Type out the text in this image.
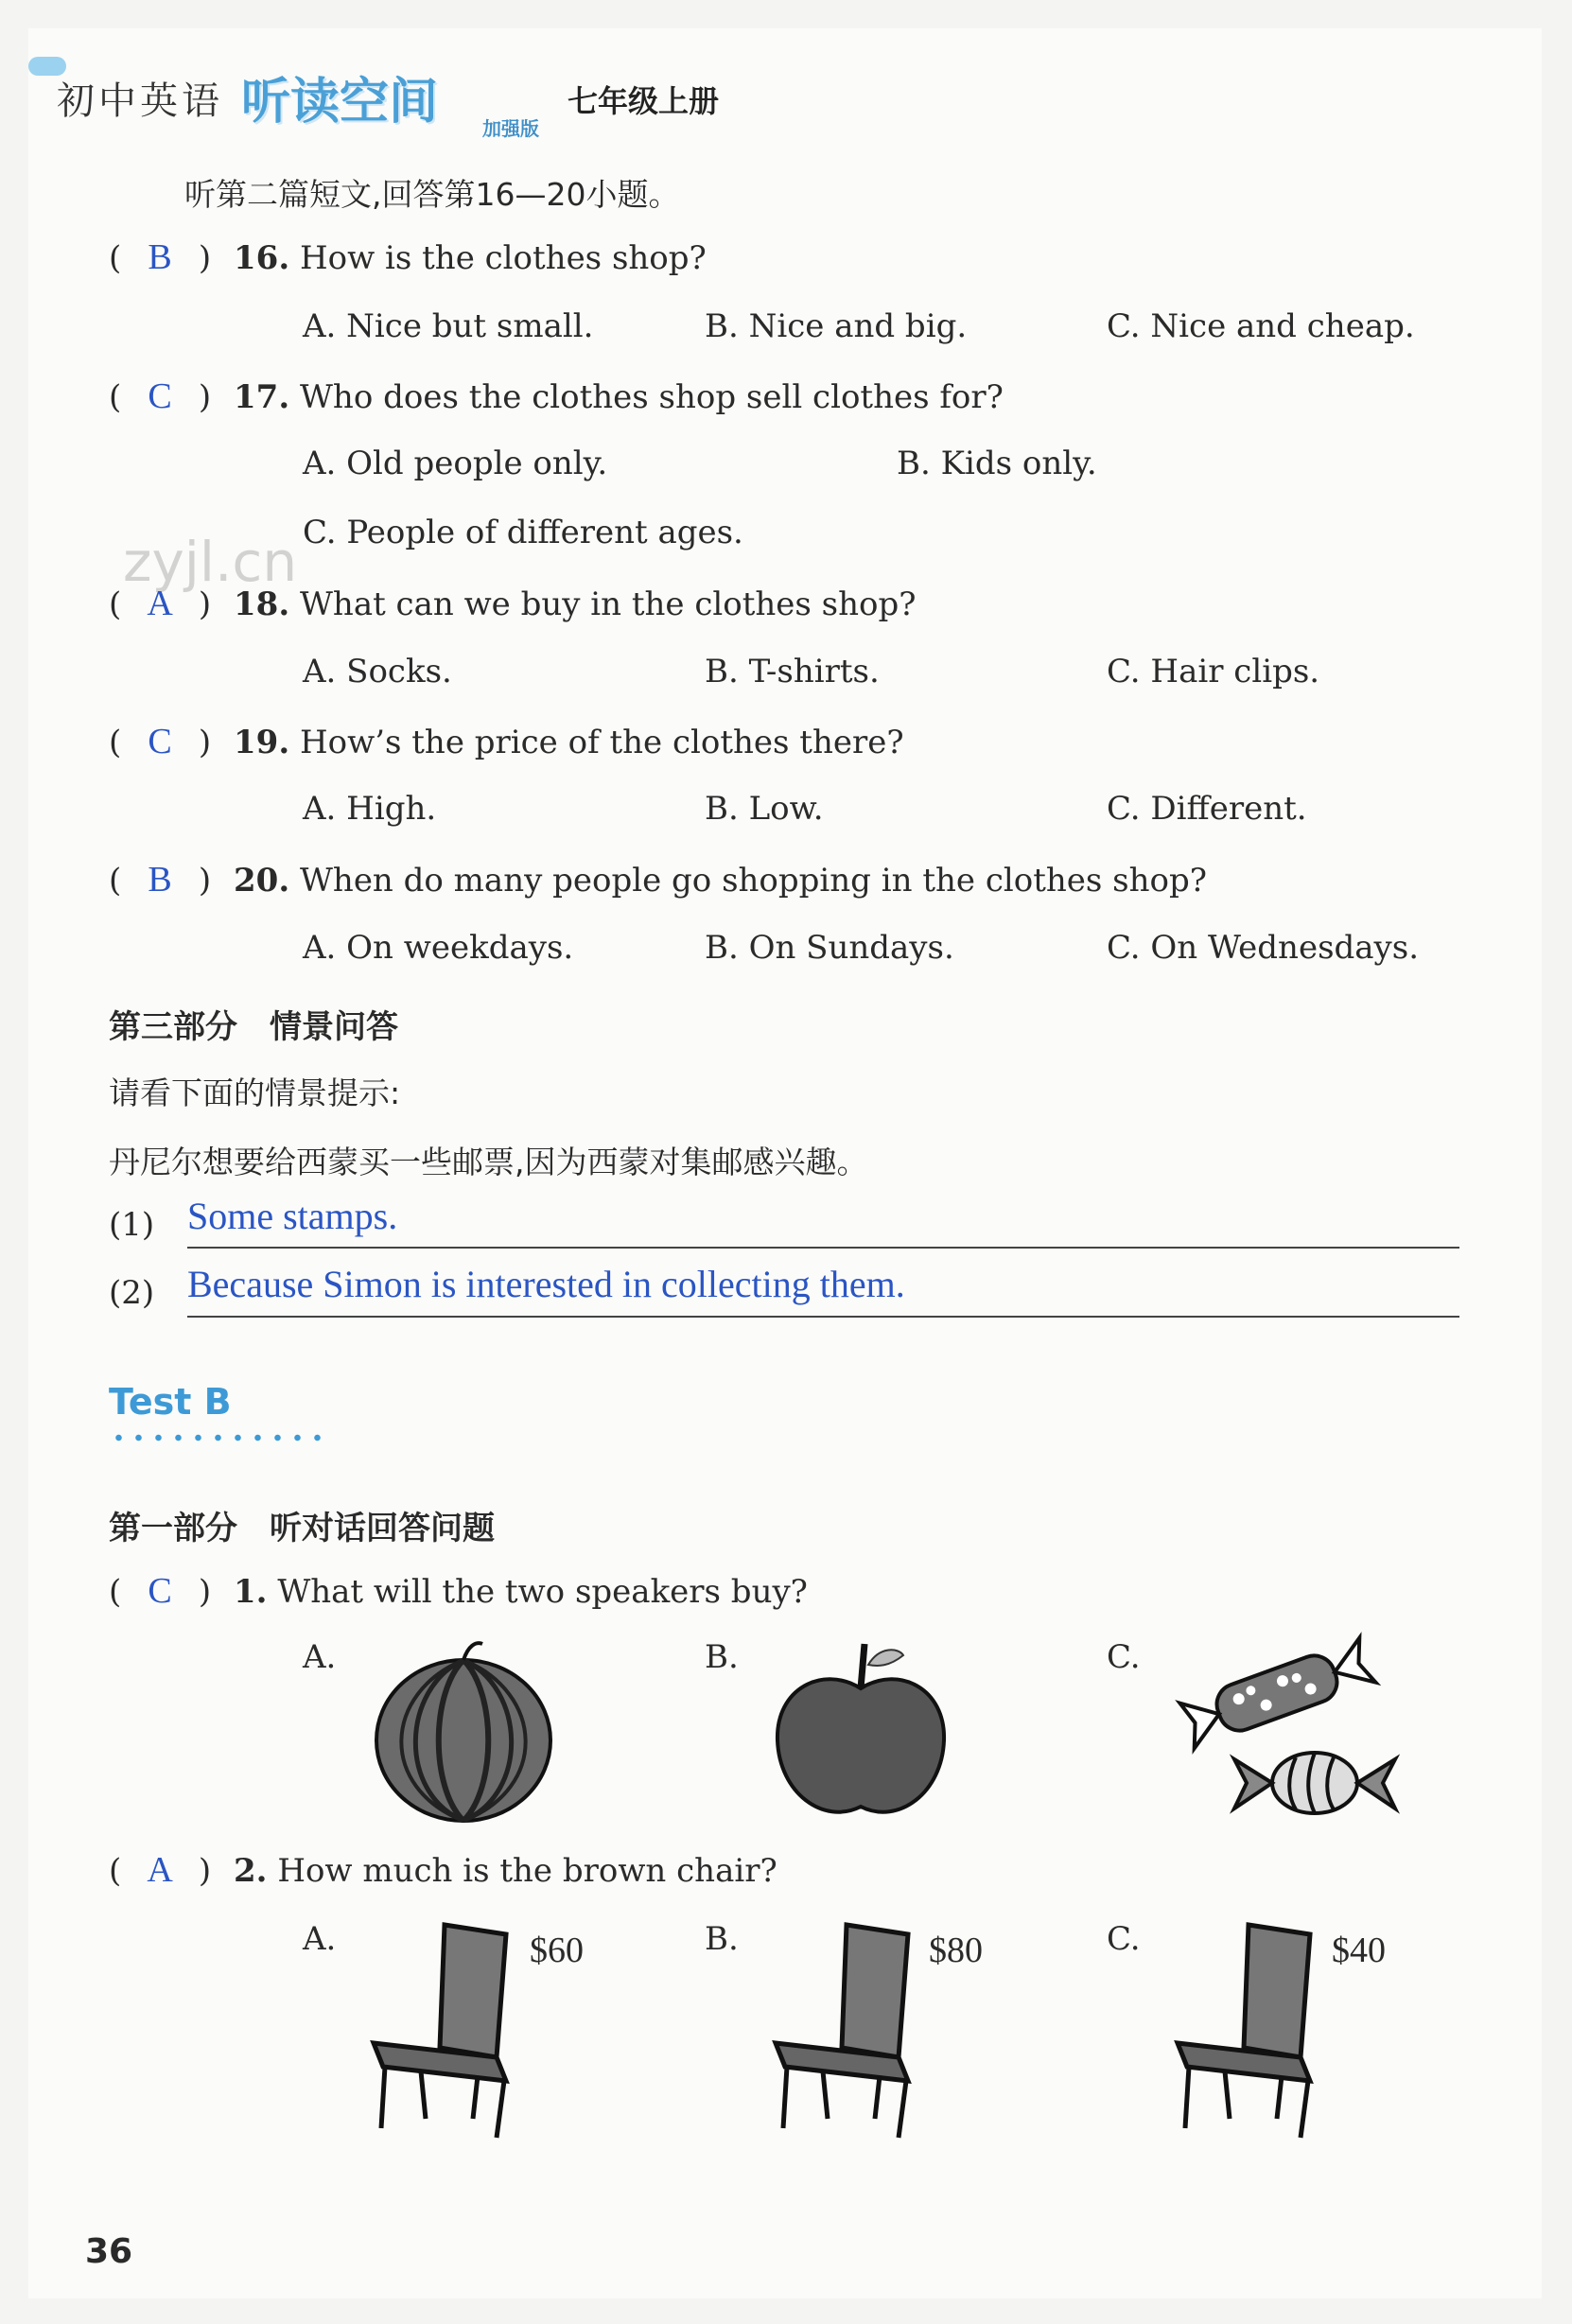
初中英语 听读空间 加强版
七年级上册
zyjl.cn
听第二篇短文,回答第16—20小题。
( B ) 16. How is the clothes shop?
A. Nice but small.	B. Nice and big.	C. Nice and cheap.
( C ) 17. Who does the clothes shop sell clothes for?
A. Old people only.	B. Kids only.
C. People of different ages.
( A ) 18. What can we buy in the clothes shop?
A. Socks.	B. T-shirts.	C. Hair clips.
( C ) 19. How’s the price of the clothes there?
A. High.	B. Low.	C. Different.
( B ) 20. When do many people go shopping in the clothes shop?
A. On weekdays.	B. On Sundays.	C. On Wednesdays.
第三部分　情景问答
请看下面的情景提示:
丹尼尔想要给西蒙买一些邮票,因为西蒙对集邮感兴趣。
(1) Some stamps.
(2) Because Simon is interested in collecting them.
Test B
第一部分　听对话回答问题
( C ) 1. What will the two speakers buy?
A.	B.	C.
( A ) 2. How much is the brown chair?
A.	B.	C.
$60	$80	$40
36
